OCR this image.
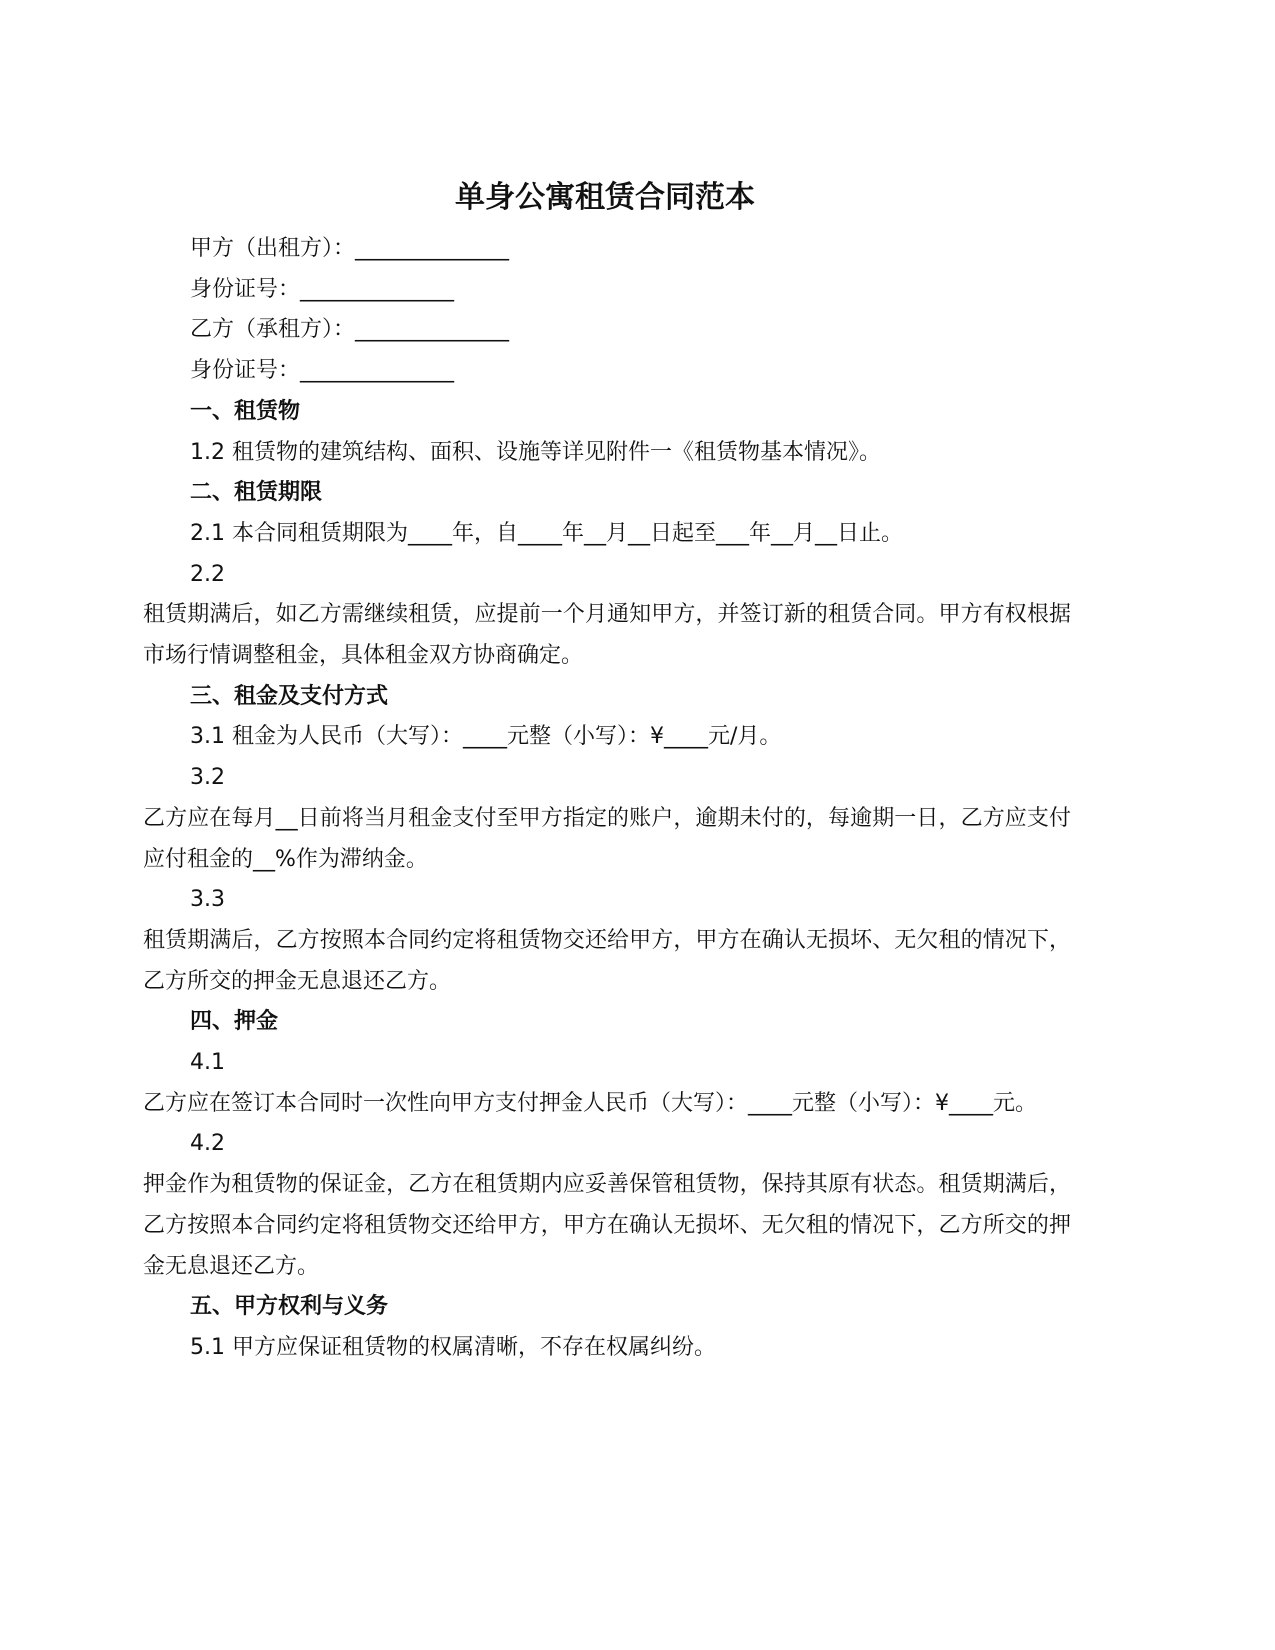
单身公寓租赁合同范本

甲方（出租方）：______________

身份证号：______________

乙方（承租方）：______________

身份证号：______________

一、租赁物

1.2 租赁物的建筑结构、面积、设施等详见附件一《租赁物基本情况》。

二、租赁期限

2.1 本合同租赁期限为____年，自____年__月__日起至___年__月__日止。

2.2

租赁期满后，如乙方需继续租赁，应提前一个月通知甲方，并签订新的租赁合同。甲方有权根据市场行情调整租金，具体租金双方协商确定。

三、租金及支付方式

3.1 租金为人民币（大写）：____元整（小写）：¥____元/月。

3.2

乙方应在每月__日前将当月租金支付至甲方指定的账户，逾期未付的，每逾期一日，乙方应支付应付租金的__%作为滞纳金。

3.3

租赁期满后，乙方按照本合同约定将租赁物交还给甲方，甲方在确认无损坏、无欠租的情况下，乙方所交的押金无息退还乙方。

四、押金

4.1

乙方应在签订本合同时一次性向甲方支付押金人民币（大写）：____元整（小写）：¥____元。

4.2

押金作为租赁物的保证金，乙方在租赁期内应妥善保管租赁物，保持其原有状态。租赁期满后，乙方按照本合同约定将租赁物交还给甲方，甲方在确认无损坏、无欠租的情况下，乙方所交的押金无息退还乙方。

五、甲方权利与义务

5.1 甲方应保证租赁物的权属清晰，不存在权属纠纷。
